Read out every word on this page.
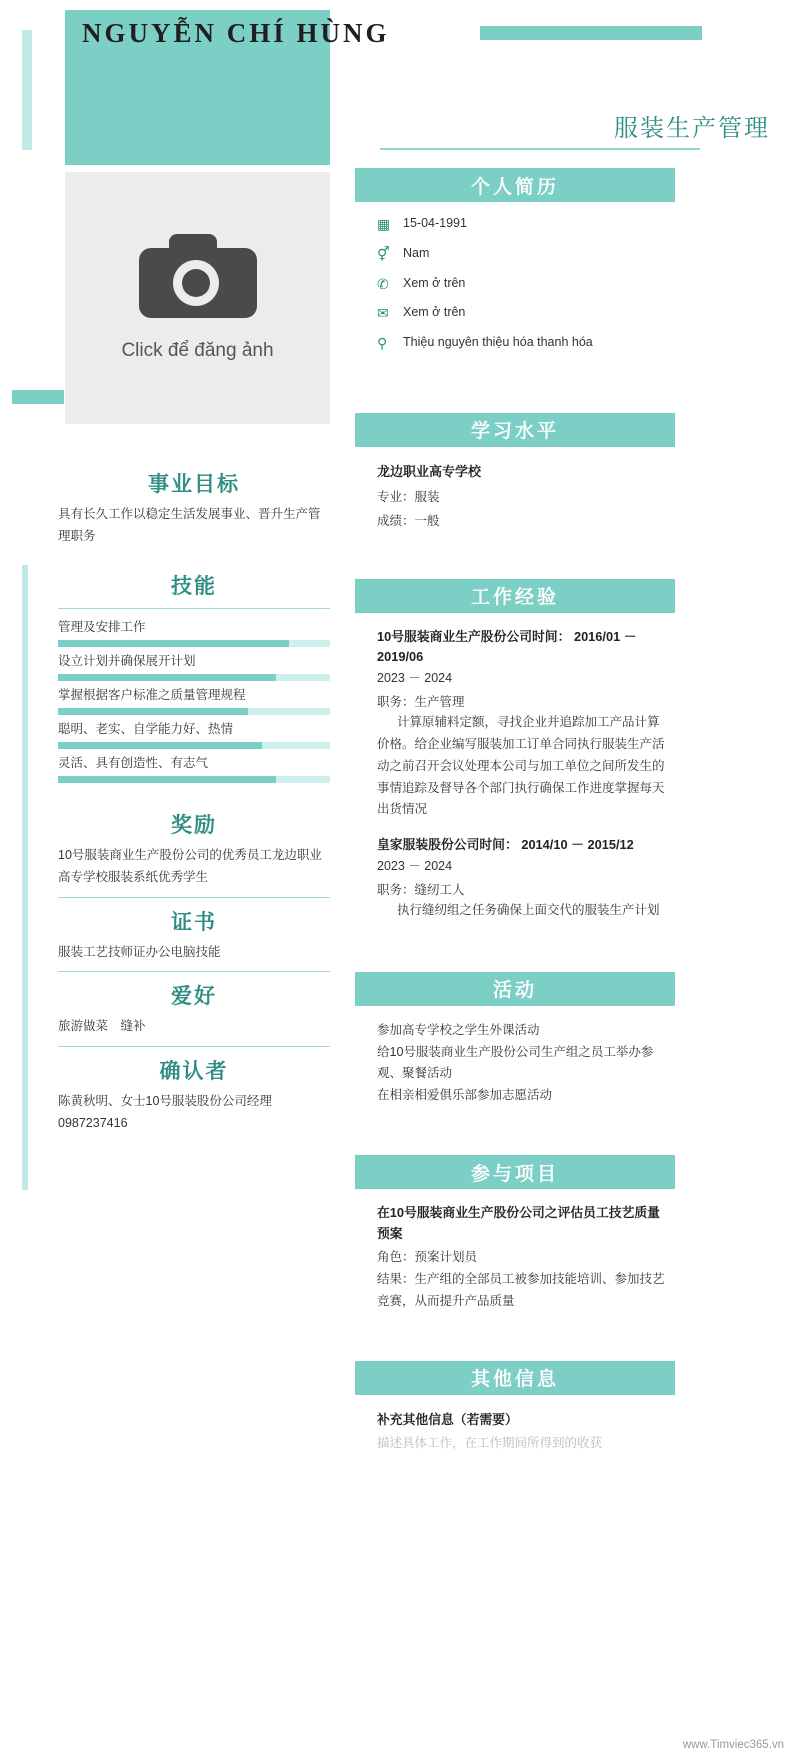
NGUYỄN CHÍ HÙNG
服装生产管理
Click để đăng ảnh
事业目标
具有长久工作以稳定生活发展事业、晋升生产管理职务
技能
管理及安排工作
设立计划并确保展开计划
掌握根据客户标准之质量管理规程
聪明、老实、自学能力好、热情
灵活、具有创造性、有志气
奖励
10号服装商业生产股份公司的优秀员工龙边职业高专学校服装系纸优秀学生
证书
服装工艺技师证办公电脑技能
爱好
旅游做菜　缝补
确认者
陈黄秋明、女士10号服装股份公司经理0987237416
个人简历
▦	15-04-1991
⚥	Nam
✆	Xem ở trên
✉	Xem ở trên
⚲	Thiệu nguyên thiệu hóa thanh hóa
学习水平
龙边职业高专学校
专业：服装
成绩：一般
工作经验
10号服装商业生产股份公司时间： 2016/01 － 2019/06
2023 － 2024
职务：生产管理
计算原辅料定额，寻找企业并追踪加工产品计算价格。给企业编写服装加工订单合同执行服装生产活动之前召开会议处理本公司与加工单位之间所发生的事情追踪及督导各个部门执行确保工作进度掌握每天出货情况
皇家服装股份公司时间： 2014/10 － 2015/12
2023 － 2024
职务：缝纫工人
执行缝纫组之任务确保上面交代的服装生产计划
活动
参加高专学校之学生外课活动
给10号服装商业生产股份公司生产组之员工举办参观、聚餐活动
在相亲相爱俱乐部参加志愿活动
参与项目
在10号服装商业生产股份公司之评估员工技艺质量预案
角色：预案计划员
结果：生产组的全部员工被参加技能培训、参加技艺竞赛，从而提升产品质量
其他信息
补充其他信息（若需要）
描述具体工作，在工作期间所得到的收获
www.Timviec365.vn
